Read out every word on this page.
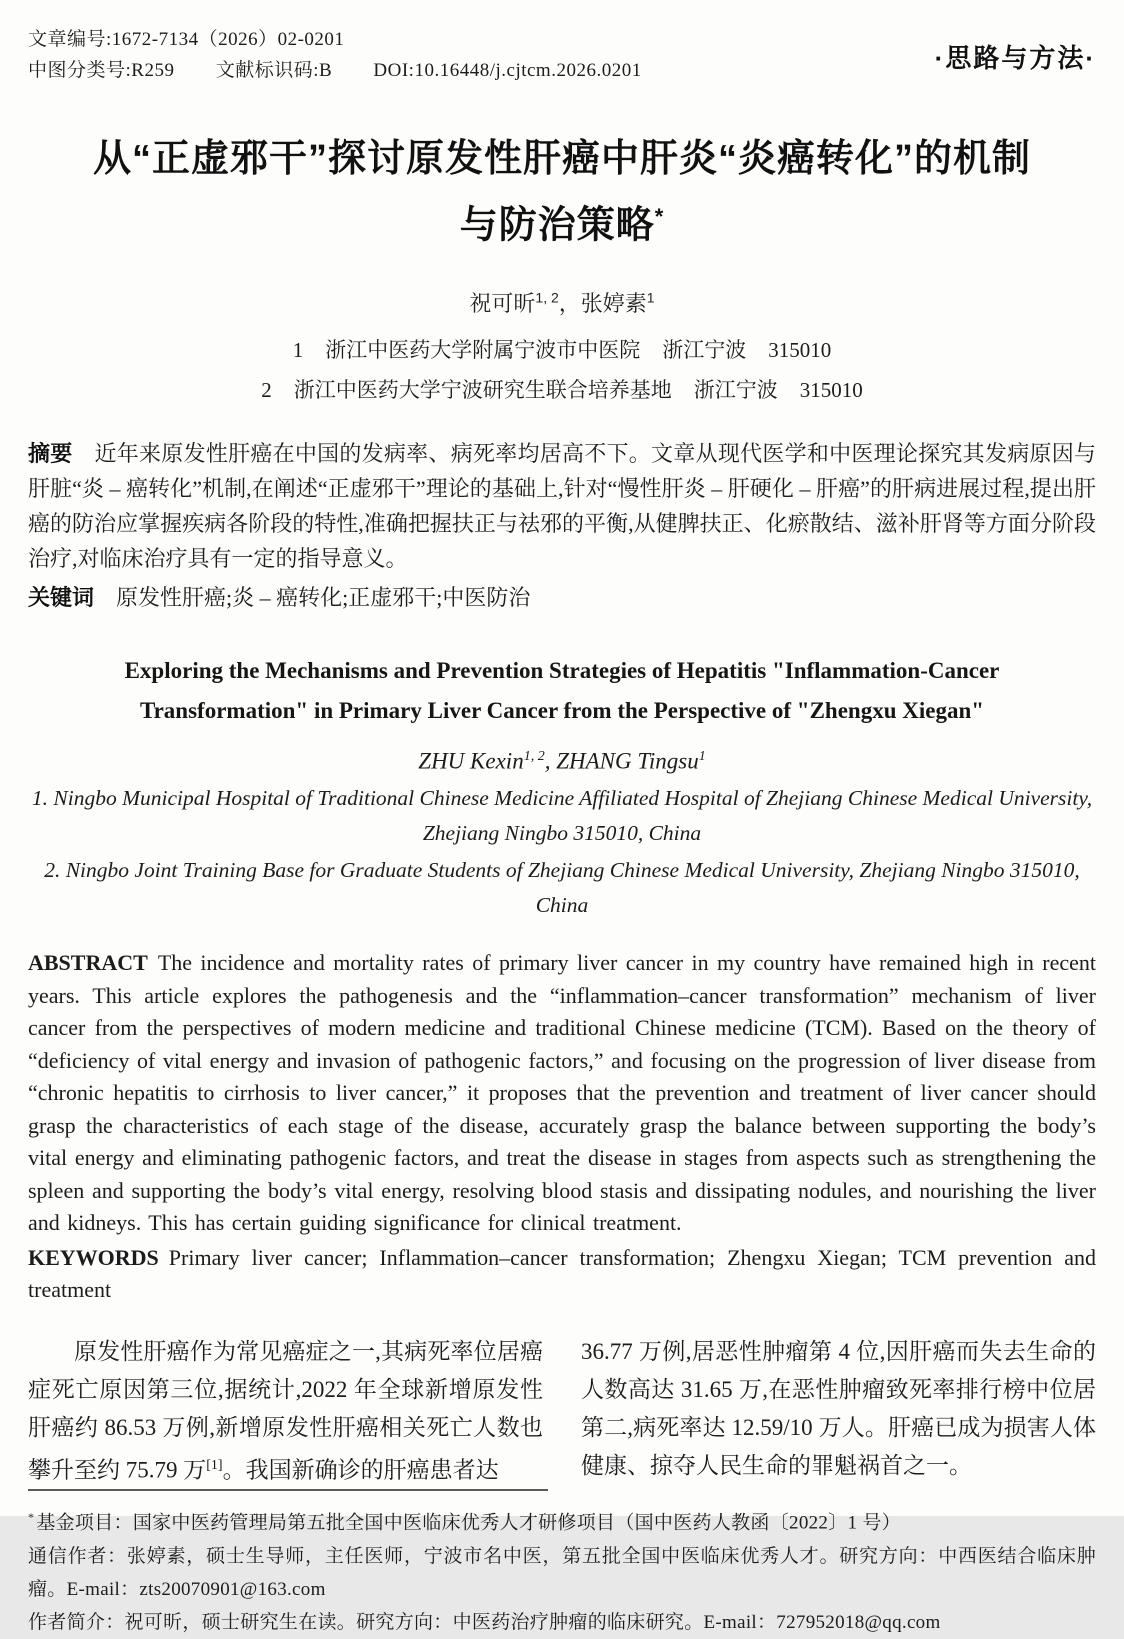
文章编号:1672-7134（2026）02-0201
中图分类号:R259 文献标识码:B DOI:10.16448/j.cjtcm.2026.0201	·思路与方法·
从“正虚邪干”探讨原发性肝癌中肝炎“炎癌转化”的机制
与防治策略*
祝可昕$^{1, 2}$，张婷素$^1$
1 浙江中医药大学附属宁波市中医院 浙江宁波 315010
2 浙江中医药大学宁波研究生联合培养基地 浙江宁波 315010

摘要 近年来原发性肝癌在中国的发病率、病死率均居高不下。文章从现代医学和中医理论探究其发病原因与肝脏“炎 – 癌转化”机制,在阐述“正虚邪干”理论的基础上,针对“慢性肝炎 – 肝硬化 – 肝癌”的肝病进展过程,提出肝癌的防治应掌握疾病各阶段的特性,准确把握扶正与祛邪的平衡,从健脾扶正、化瘀散结、滋补肝肾等方面分阶段治疗,对临床治疗具有一定的指导意义。

关键词 原发性肝癌;炎 – 癌转化;正虚邪干;中医防治

Exploring the Mechanisms and Prevention Strategies of Hepatitis "Inflammation-Cancer
Transformation" in Primary Liver Cancer from the Perspective of "Zhengxu Xiegan"
ZHU Kexin$^{1, 2}$, ZHANG Tingsu$^1$
1. Ningbo Municipal Hospital of Traditional Chinese Medicine Affiliated Hospital of Zhejiang Chinese Medical University, Zhejiang Ningbo 315010, China
2. Ningbo Joint Training Base for Graduate Students of Zhejiang Chinese Medical University, Zhejiang Ningbo 315010, China

ABSTRACT The incidence and mortality rates of primary liver cancer in my country have remained high in recent years. This article explores the pathogenesis and the “inflammation–cancer transformation” mechanism of liver cancer from the perspectives of modern medicine and traditional Chinese medicine (TCM). Based on the theory of “deficiency of vital energy and invasion of pathogenic factors,” and focusing on the progression of liver disease from “chronic hepatitis to cirrhosis to liver cancer,” it proposes that the prevention and treatment of liver cancer should grasp the characteristics of each stage of the disease, accurately grasp the balance between supporting the body’s vital energy and eliminating pathogenic factors, and treat the disease in stages from aspects such as strengthening the spleen and supporting the body’s vital energy, resolving blood stasis and dissipating nodules, and nourishing the liver and kidneys. This has certain guiding significance for clinical treatment.

KEYWORDS Primary liver cancer; Inflammation–cancer transformation; Zhengxu Xiegan; TCM prevention and treatment

原发性肝癌作为常见癌症之一,其病死率位居癌症死亡原因第三位,据统计,2022 年全球新增原发性肝癌约 86.53 万例,新增原发性肝癌相关死亡人数也攀升至约 75.79 万[1]。我国新确诊的肝癌患者达

36.77 万例,居恶性肿瘤第 4 位,因肝癌而失去生命的人数高达 31.65 万,在恶性肿瘤致死率排行榜中位居第二,病死率达 12.59/10 万人。肝癌已成为损害人体健康、掠夺人民生命的罪魁祸首之一。

* 基金项目：国家中医药管理局第五批全国中医临床优秀人才研修项目（国中医药人教函〔2022〕1 号）

通信作者：张婷素，硕士生导师，主任医师，宁波市名中医，第五批全国中医临床优秀人才。研究方向：中西医结合临床肿瘤。E-mail：zts20070901@163.com

作者简介：祝可昕，硕士研究生在读。研究方向：中医药治疗肿瘤的临床研究。E-mail：727952018@qq.com
